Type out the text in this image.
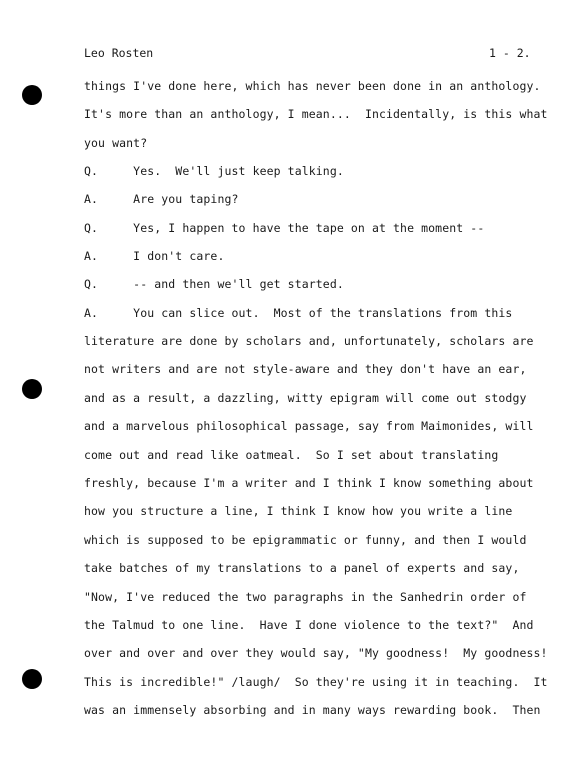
Leo Rosten	1 - 2.
things I've done here, which has never been done in an anthology.
It's more than an anthology, I mean...  Incidentally, is this what
you want?
Q.     Yes.  We'll just keep talking.
A.     Are you taping?
Q.     Yes, I happen to have the tape on at the moment --
A.     I don't care.
Q.     -- and then we'll get started.
A.     You can slice out.  Most of the translations from this
literature are done by scholars and, unfortunately, scholars are
not writers and are not style-aware and they don't have an ear,
and as a result, a dazzling, witty epigram will come out stodgy
and a marvelous philosophical passage, say from Maimonides, will
come out and read like oatmeal.  So I set about translating
freshly, because I'm a writer and I think I know something about
how you structure a line, I think I know how you write a line
which is supposed to be epigrammatic or funny, and then I would
take batches of my translations to a panel of experts and say,
"Now, I've reduced the two paragraphs in the Sanhedrin order of
the Talmud to one line.  Have I done violence to the text?"  And
over and over and over they would say, "My goodness!  My goodness!
This is incredible!" /laugh/  So they're using it in teaching.  It
was an immensely absorbing and in many ways rewarding book.  Then
